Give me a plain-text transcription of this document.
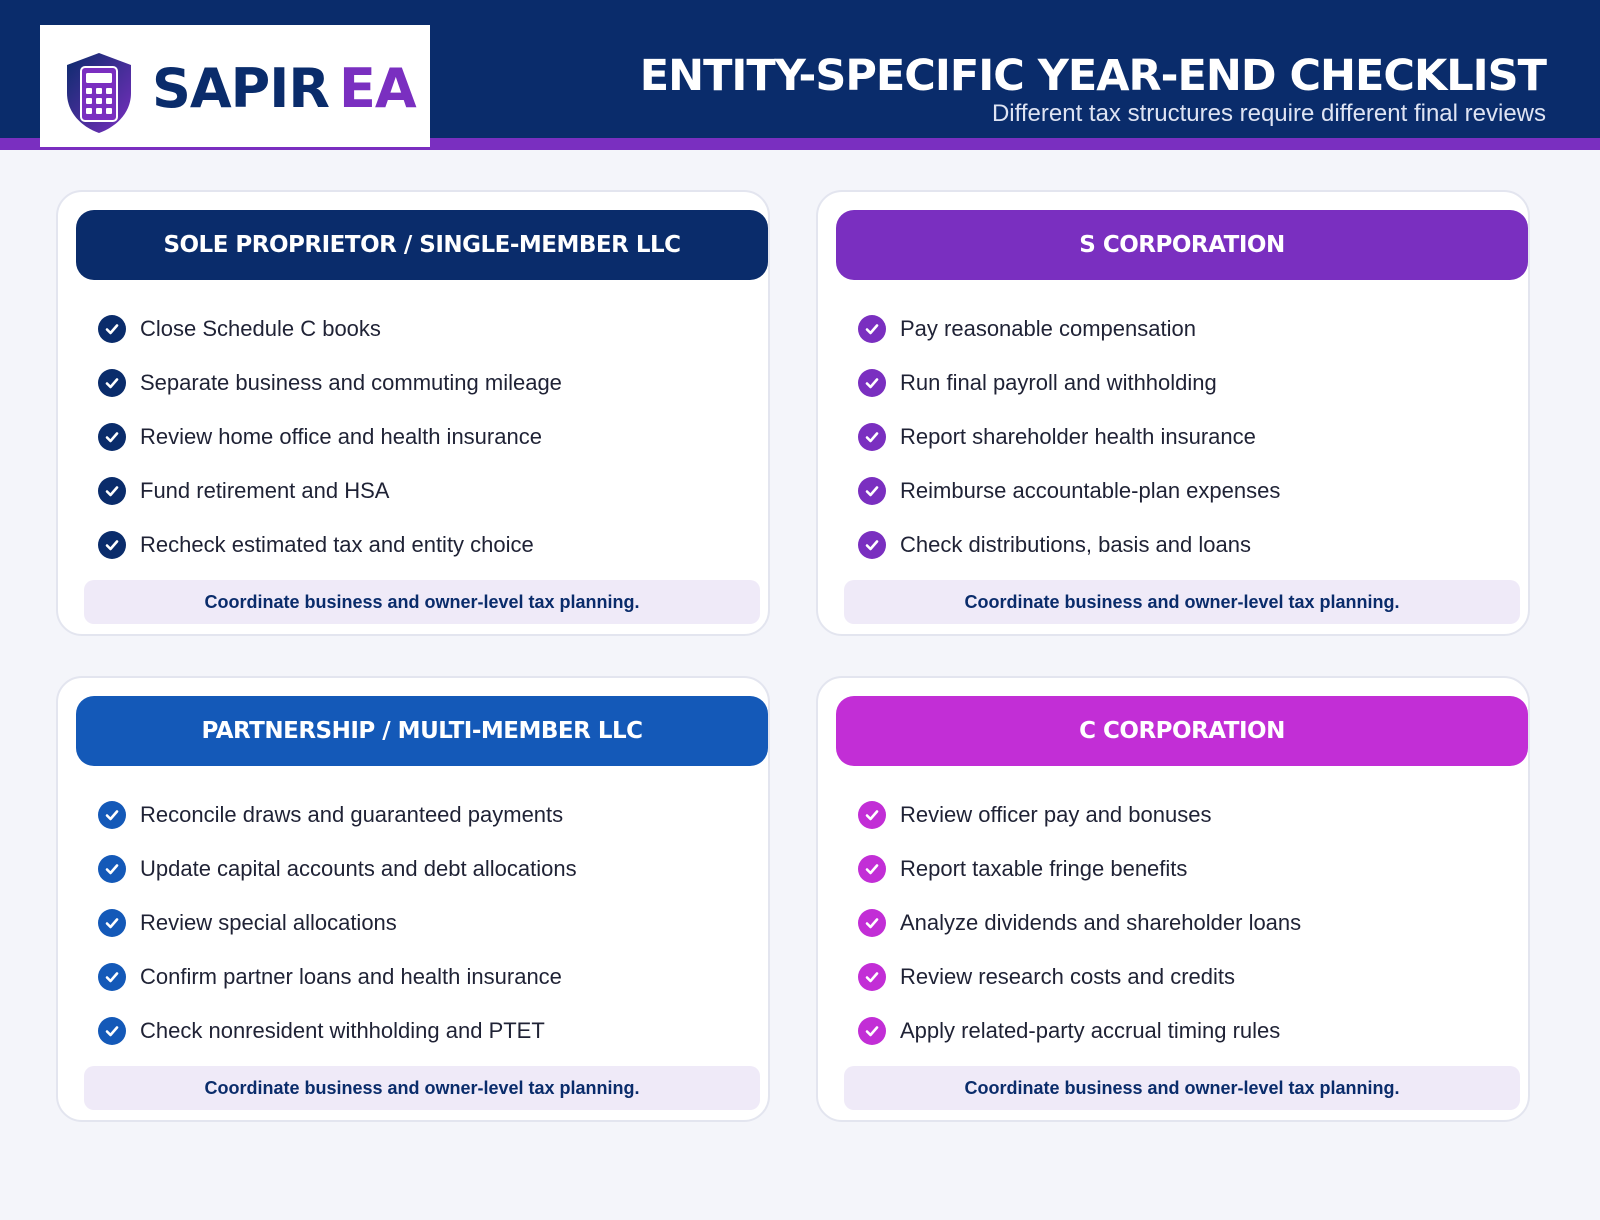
SAPIR EA	ENTITY-SPECIFIC YEAR-END CHECKLIST
Different tax structures require different final reviews
SOLE PROPRIETOR / SINGLE-MEMBER LLC
Close Schedule C books
Separate business and commuting mileage
Review home office and health insurance
Fund retirement and HSA
Recheck estimated tax and entity choice
Coordinate business and owner-level tax planning.
S CORPORATION
Pay reasonable compensation
Run final payroll and withholding
Report shareholder health insurance
Reimburse accountable-plan expenses
Check distributions, basis and loans
Coordinate business and owner-level tax planning.
PARTNERSHIP / MULTI-MEMBER LLC
Reconcile draws and guaranteed payments
Update capital accounts and debt allocations
Review special allocations
Confirm partner loans and health insurance
Check nonresident withholding and PTET
Coordinate business and owner-level tax planning.
C CORPORATION
Review officer pay and bonuses
Report taxable fringe benefits
Analyze dividends and shareholder loans
Review research costs and credits
Apply related-party accrual timing rules
Coordinate business and owner-level tax planning.
